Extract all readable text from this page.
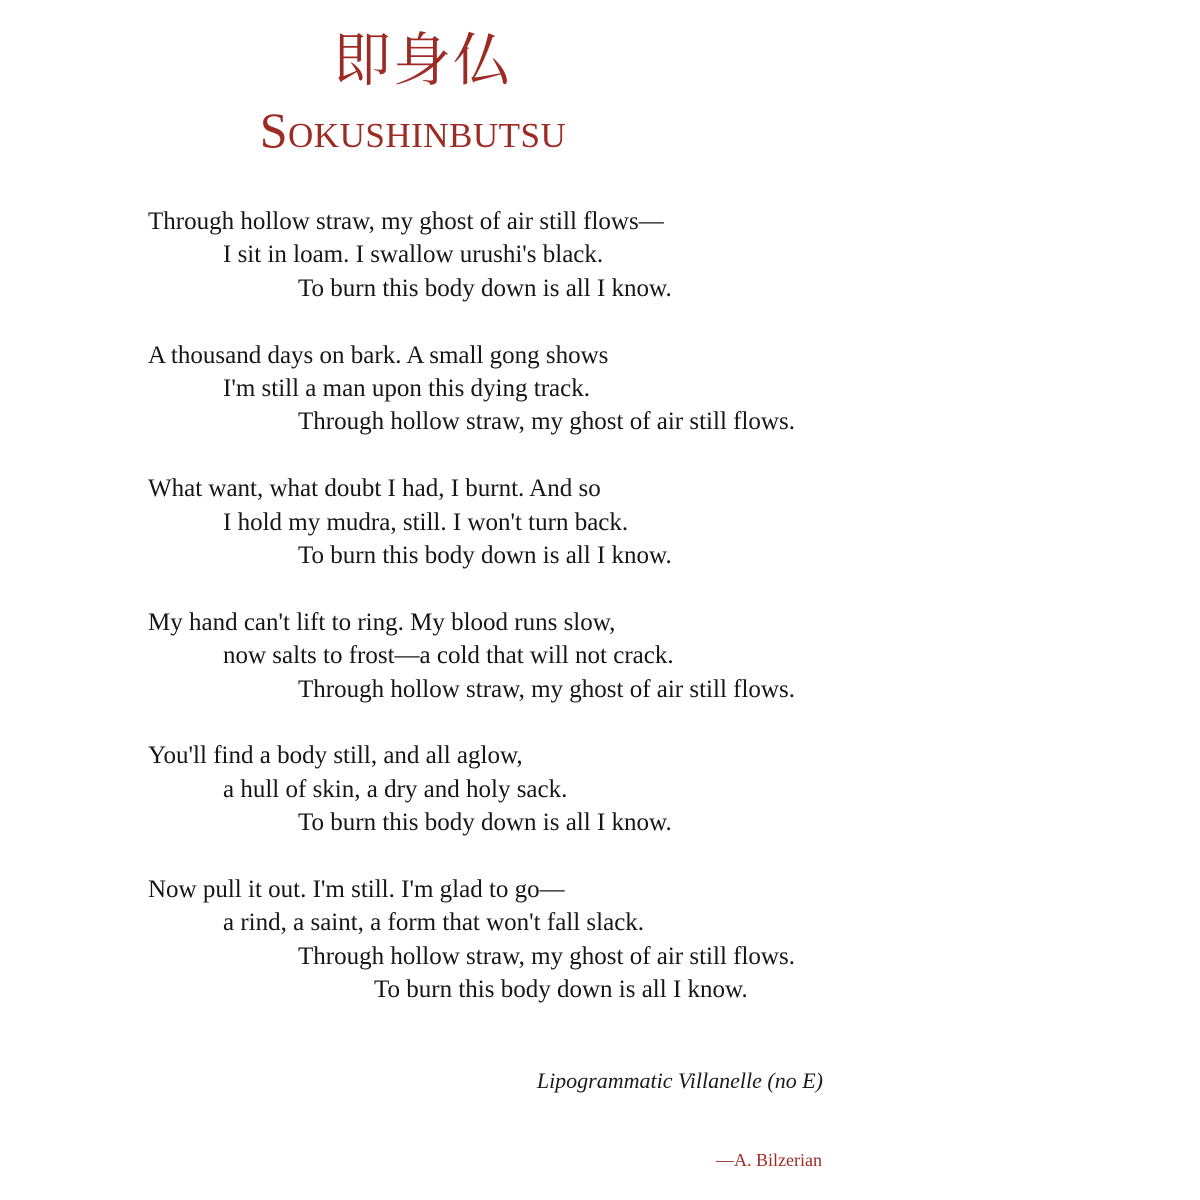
即身仏
Sokushinbutsu
Through hollow straw, my ghost of air still flows—
I sit in loam. I swallow urushi's black.
To burn this body down is all I know.
A thousand days on bark. A small gong shows
I'm still a man upon this dying track.
Through hollow straw, my ghost of air still flows.
What want, what doubt I had, I burnt. And so
I hold my mudra, still. I won't turn back.
To burn this body down is all I know.
My hand can't lift to ring. My blood runs slow,
now salts to frost—a cold that will not crack.
Through hollow straw, my ghost of air still flows.
You'll find a body still, and all aglow,
a hull of skin, a dry and holy sack.
To burn this body down is all I know.
Now pull it out. I'm still. I'm glad to go—
a rind, a saint, a form that won't fall slack.
Through hollow straw, my ghost of air still flows.
To burn this body down is all I know.
Lipogrammatic Villanelle (no E)
—A. Bilzerian
